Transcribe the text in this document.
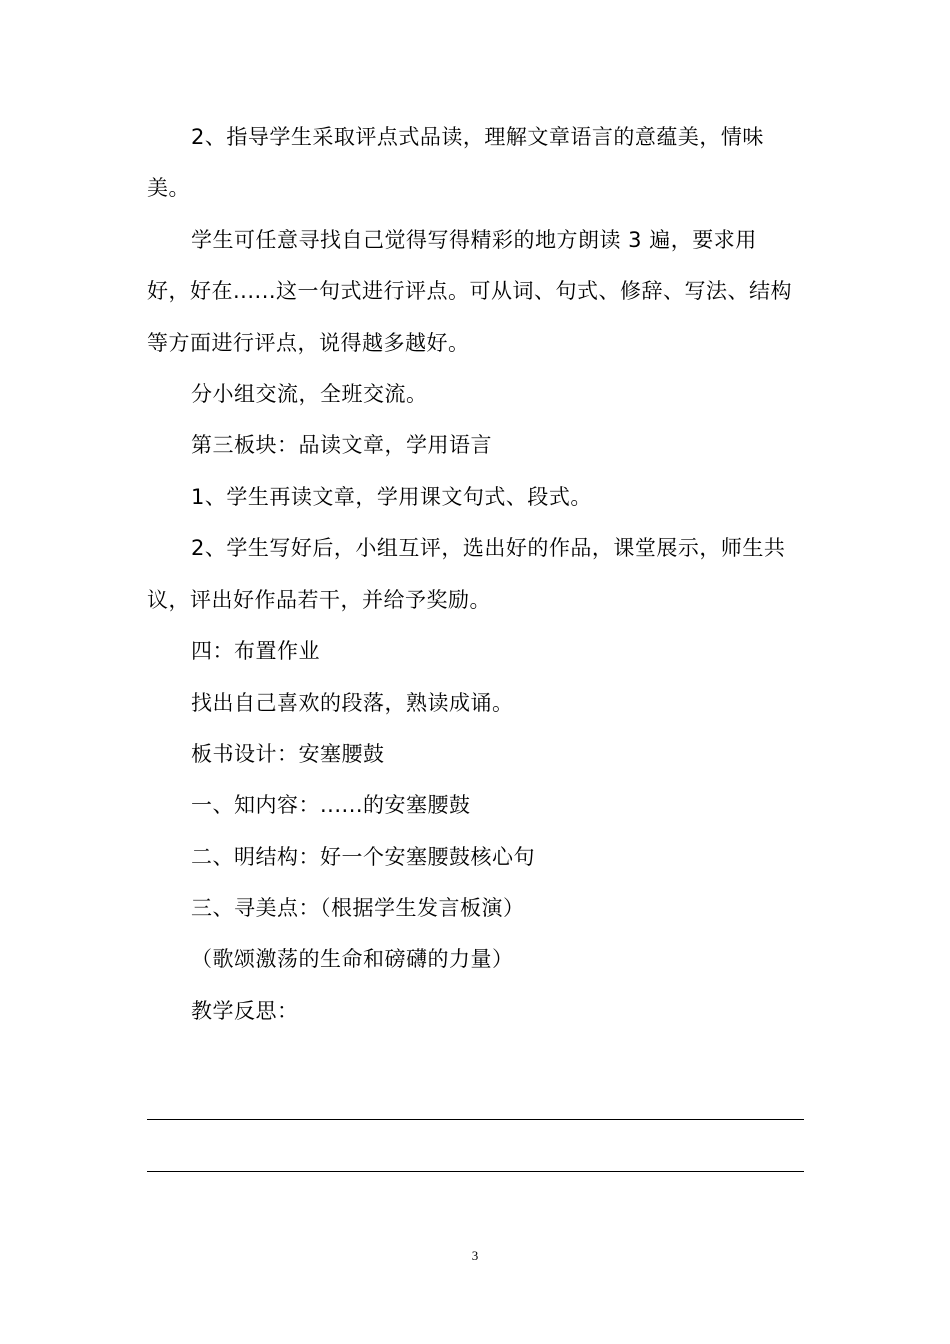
2、指导学生采取评点式品读，理解文章语言的意蕴美，情味
美。
学生可任意寻找自己觉得写得精彩的地方朗读 3 遍，要求用
好，好在......这一句式进行评点。可从词、句式、修辞、写法、结构
等方面进行评点，说得越多越好。
分小组交流，全班交流。
第三板块：品读文章，学用语言
1、学生再读文章，学用课文句式、段式。
2、学生写好后，小组互评，选出好的作品，课堂展示，师生共
议，评出好作品若干，并给予奖励。
四：布置作业
找出自己喜欢的段落，熟读成诵。
板书设计：安塞腰鼓
一、知内容：......的安塞腰鼓
二、明结构：好一个安塞腰鼓核心句
三、寻美点：（根据学生发言板演）
（歌颂激荡的生命和磅礴的力量）
教学反思：
3
